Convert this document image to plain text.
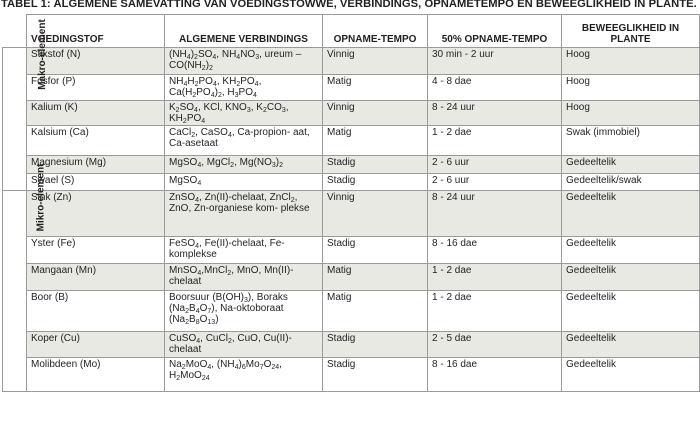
TABEL 1: ALGEMENE SAMEVATTING VAN VOEDINGSTOWWE, VERBINDINGS, OPNAMETEMPO EN BEWEEGLIKHEID IN PLANTE.
	VOEDINGSTOF	ALGEMENE VERBINDINGS	OPNAME-TEMPO	50% OPNAME-TEMPO	BEWEEGLIKHEID IN PLANTE
Makro-element	Stikstof (N)	$(NH_4)_2SO_4$, $NH_4NO_3$, ureum – $CO(NH_2)_2$	Vinnig	30 min - 2 uur	Hoog
	Fosfor (P)	$NH_4H_2PO_4$, $KH_2PO_4$, $Ca(H_2PO_4)_2$, $H_3PO_4$	Matig	4 - 8 dae	Hoog
	Kalium (K)	$K_2SO_4$, KCl, $KNO_3$, $K_2CO_3$, $KH_2PO_4$	Vinnig	8 - 24 uur	Hoog
	Kalsium (Ca)	CaCl$_2$, CaSO$_4$, Ca-propion- aat, Ca-asetaat	Matig	1 - 2 dae	Swak (immobiel)
	Magnesium (Mg)	MgSO$_4$, MgCl$_2$, $Mg(NO_3)_2$	Stadig	2 - 6 uur	Gedeeltelik
	Swael (S)	MgSO$_4$	Stadig	2 - 6 uur	Gedeeltelik/swak
Mikro-element	Sink (Zn)	ZnSO$_4$, Zn(II)-chelaat, ZnCl$_2$, ZnO, Zn-organiese kom- plekse	Vinnig	8 - 24 uur	Gedeeltelik
	Yster (Fe)	FeSO$_4$, Fe(II)-chelaat, Fe- komplekse	Stadig	8 - 16 dae	Gedeeltelik
	Mangaan (Mn)	MnSO$_4$,MnCl$_2$, MnO, Mn(II)- chelaat	Matig	1 - 2 dae	Gedeeltelik
	Boor (B)	Boorsuur $(B(OH)_3)$, Boraks $(Na_2B_4O_7)$, Na-oktoboraat $(Na_2B_8O_{13})$	Matig	1 - 2 dae	Gedeeltelik
	Koper (Cu)	CuSO$_4$, CuCl$_2$, CuO, Cu(II)- chelaat	Stadig	2 - 5 dae	Gedeeltelik
	Molibdeen (Mo)	$Na_2MoO_4$, $(NH_4)_6Mo_7O_{24}$, $H_2MoO_{24}$	Stadig	8 - 16 dae	Gedeeltelik
